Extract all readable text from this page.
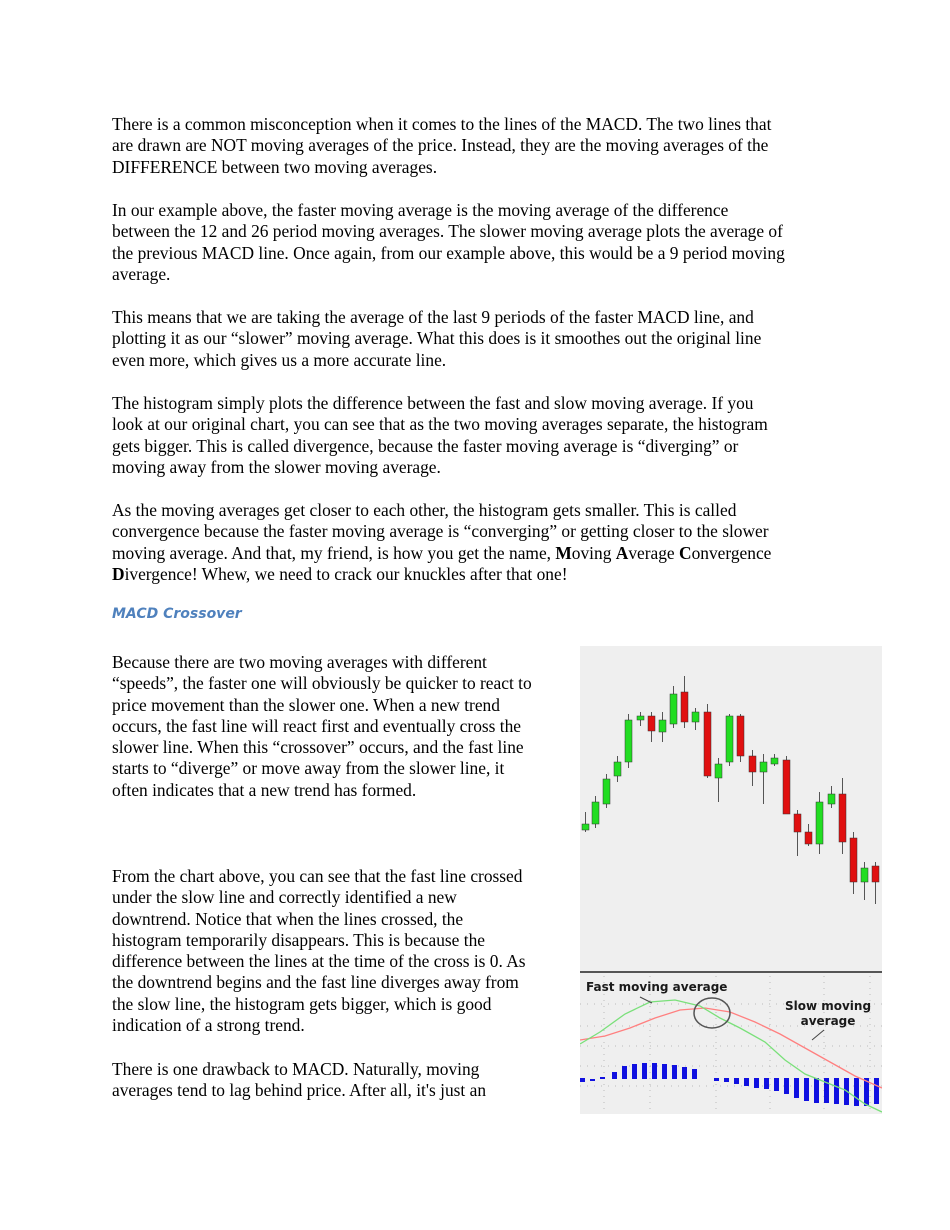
There is a common misconception when it comes to the lines of the MACD. The two lines that
are drawn are NOT moving averages of the price. Instead, they are the moving averages of the
DIFFERENCE between two moving averages.

In our example above, the faster moving average is the moving average of the difference
between the 12 and 26 period moving averages. The slower moving average plots the average of
the previous MACD line. Once again, from our example above, this would be a 9 period moving
average.

This means that we are taking the average of the last 9 periods of the faster MACD line, and
plotting it as our “slower” moving average. What this does is it smoothes out the original line
even more, which gives us a more accurate line.

The histogram simply plots the difference between the fast and slow moving average. If you
look at our original chart, you can see that as the two moving averages separate, the histogram
gets bigger. This is called divergence, because the faster moving average is “diverging” or
moving away from the slower moving average.

As the moving averages get closer to each other, the histogram gets smaller. This is called
convergence because the faster moving average is “converging” or getting closer to the slower
moving average. And that, my friend, is how you get the name, Moving Average Convergence
Divergence! Whew, we need to crack our knuckles after that one!

MACD Crossover

Because there are two moving averages with different
“speeds”, the faster one will obviously be quicker to react to
price movement than the slower one. When a new trend
occurs, the fast line will react first and eventually cross the
slower line. When this “crossover” occurs, and the fast line
starts to “diverge” or move away from the slower line, it
often indicates that a new trend has formed.

From the chart above, you can see that the fast line crossed
under the slow line and correctly identified a new
downtrend. Notice that when the lines crossed, the
histogram temporarily disappears. This is because the
difference between the lines at the time of the cross is 0. As
the downtrend begins and the fast line diverges away from
the slow line, the histogram gets bigger, which is good
indication of a strong trend.

There is one drawback to MACD. Naturally, moving
averages tend to lag behind price. After all, it's just an

Fast moving average
Slow moving
average
